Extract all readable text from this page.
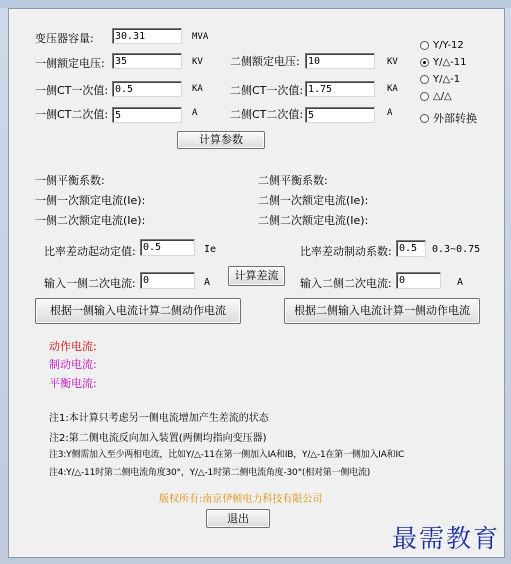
变压器容量:	30.31	MVA
一侧额定电压:	35	KV 二侧额定电压: 10	KV
一侧CT一次值: 0.5	KA 二侧CT一次值: 1.75	KA
一侧CT二次值: 5	A	二侧CT二次值: 5	A
Y/Y-12
Y/△-11
Y/△-1
△/△
外部转换
计算参数
一侧平衡系数:	二侧平衡系数:
一侧一次额定电流(Ie):	二侧一次额定电流(Ie):
一侧二次额定电流(Ie):	二侧二次额定电流(Ie):
比率差动起动定值: 0.5	Ie	比率差动制动系数: 0.5	0.3~0.75
输入一侧二次电流: 0	A
计算差流
输入二侧二次电流: 0	A
根据一侧输入电流计算二侧动作电流	根据二侧输入电流计算一侧动作电流
动作电流:
制动电流:
平衡电流:
注1:本计算只考虑另一侧电流增加产生差流的状态
注2:第二侧电流反向加入装置(两侧均指向变压器)
注3:Y侧需加入至少两相电流，比如Y/△-11在第一侧加入IA和IB，Y/△-1在第一侧加入IA和IC
注4:Y/△-11时第二侧电流角度30°，Y/△-1时第二侧电流角度-30°(相对第一侧电流)
版权所有:南京伊顿电力科技有限公司
退出
最需教育
